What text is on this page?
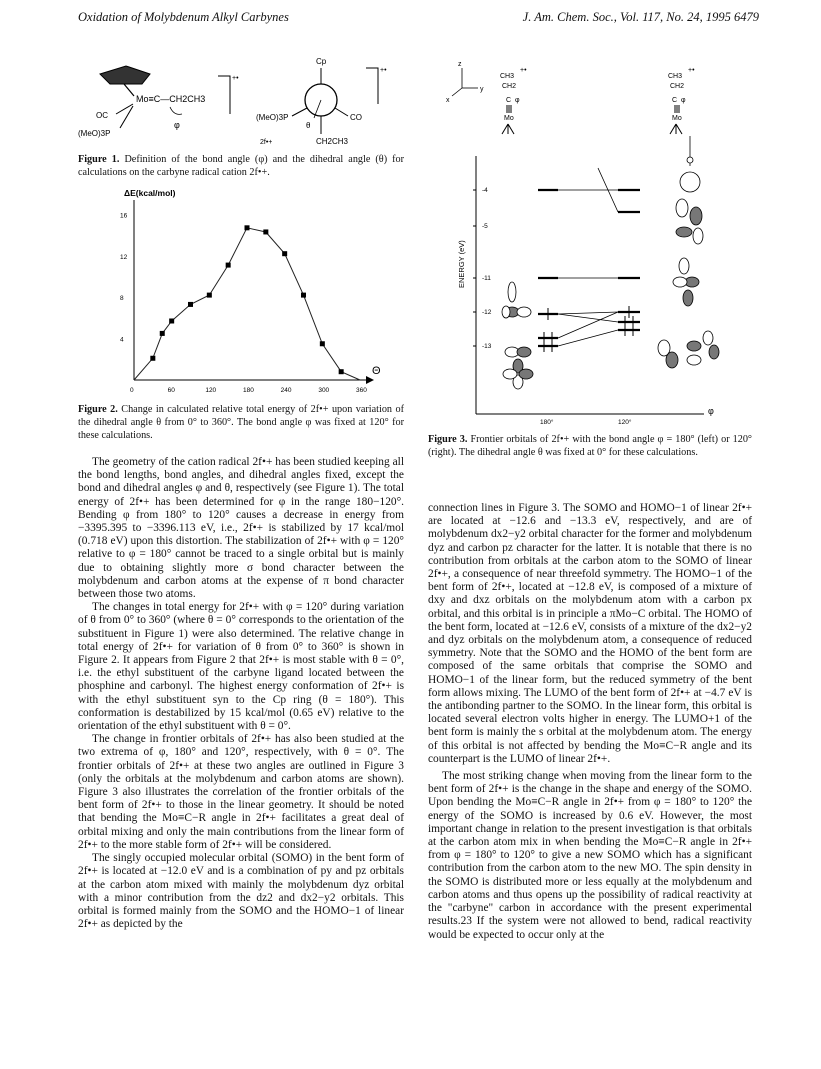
Oxidation of Molybdenum Alkyl Carbynes	J. Am. Chem. Soc., Vol. 117, No. 24, 1995 6479
Mo≡C—CH2CH3
OC
(MeO)3P
φ
+•
Cp
(MeO)3P	CO
θ
CH2CH3
2f•+
+•
Figure 1. Definition of the bond angle (φ) and the dihedral angle (θ) for calculations on the carbyne radical cation 2f•+.
ΔE(kcal/mol)
Θ
4
8
12
16
0	60	120	180	240	300	360
Figure 2. Change in calculated relative total energy of 2f•+ upon variation of the dihedral angle θ from 0° to 360°. The bond angle φ was fixed at 120° for these calculations.

The geometry of the cation radical 2f•+ has been studied keeping all the bond lengths, bond angles, and dihedral angles fixed, except the bond and dihedral angles φ and θ, respectively (see Figure 1). The total energy of 2f•+ has been determined for φ in the range 180−120°. Bending φ from 180° to 120° causes a decrease in energy from −3395.395 to −3396.113 eV, i.e., 2f•+ is stabilized by 17 kcal/mol (0.718 eV) upon this distortion. The stabilization of 2f•+ with φ = 120° relative to φ = 180° cannot be traced to a single orbital but is mainly due to obtaining slightly more σ bond character between the molybdenum and carbon atoms at the expense of π bond character between those two atoms.

The changes in total energy for 2f•+ with φ = 120° during variation of θ from 0° to 360° (where θ = 0° corresponds to the orientation of the substituent in Figure 1) were also determined. The relative change in total energy of 2f•+ for variation of θ from 0° to 360° is shown in Figure 2. It appears from Figure 2 that 2f•+ is most stable with θ = 0°, i.e. the ethyl substituent of the carbyne ligand located between the phosphine and carbonyl. The highest energy conformation of 2f•+ is with the ethyl substituent syn to the Cp ring (θ = 180°). This conformation is destabilized by 15 kcal/mol (0.65 eV) relative to the orientation of the ethyl substituent with θ = 0°.

The change in frontier orbitals of 2f•+ has also been studied at the two extrema of φ, 180° and 120°, respectively, with θ = 0°. The frontier orbitals of 2f•+ at these two angles are outlined in Figure 3 (only the orbitals at the molybdenum and carbon atoms are shown). Figure 3 also illustrates the correlation of the frontier orbitals of the bent form of 2f•+ to those in the linear geometry. It should be noted that bending the Mo≡C−R angle in 2f•+ facilitates a great deal of orbital mixing and only the main contributions from the linear form of 2f•+ to the more stable form of 2f•+ will be considered.

The singly occupied molecular orbital (SOMO) in the bent form of 2f•+ is located at −12.0 eV and is a combination of py and pz orbitals at the carbon atom mixed with mainly the molybdenum dyz orbital with a minor contribution from the dz2 and dx2−y2 orbitals. This orbital is formed mainly from the SOMO and the HOMO−1 of linear 2f•+ as depicted by the

z
y
x
CH3
CH2
C φ
Mo
+•
CH3
CH2
C φ
Mo
+•
φ
ENERGY (eV)
-4
-5
-11
-12
-13
180°	120°
Figure 3. Frontier orbitals of 2f•+ with the bond angle φ = 180° (left) or 120° (right). The dihedral angle θ was fixed at 0° for these calculations.

connection lines in Figure 3. The SOMO and HOMO−1 of linear 2f•+ are located at −12.6 and −13.3 eV, respectively, and are of molybdenum dx2−y2 orbital character for the former and molybdenum dyz and carbon pz character for the latter. It is notable that there is no contribution from orbitals at the carbon atom to the SOMO of linear 2f•+, a consequence of near threefold symmetry. The HOMO−1 of the bent form of 2f•+, located at −12.8 eV, is composed of a mixture of dxy and dxz orbitals on the molybdenum atom with a carbon px orbital, and this orbital is in principle a πMo−C orbital. The HOMO of the bent form, located at −12.6 eV, consists of a mixture of the dx2−y2 and dyz orbitals on the molybdenum atom, a consequence of reduced symmetry. Note that the SOMO and the HOMO of the bent form are composed of the same orbitals that comprise the SOMO and HOMO−1 of the linear form, but the reduced symmetry of the bent form allows mixing. The LUMO of the bent form of 2f•+ at −4.7 eV is the antibonding partner to the SOMO. In the linear form, this orbital is located several electron volts higher in energy. The LUMO+1 of the bent form is mainly the s orbital at the molybdenum atom. The energy of this orbital is not affected by bending the Mo≡C−R angle and its counterpart is the LUMO of linear 2f•+.

The most striking change when moving from the linear form to the bent form of 2f•+ is the change in the shape and energy of the SOMO. Upon bending the Mo≡C−R angle in 2f•+ from φ = 180° to 120° the energy of the SOMO is increased by 0.6 eV. However, the most important change in relation to the present investigation is that orbitals at the carbon atom mix in when bending the Mo≡C−R angle in 2f•+ from φ = 180° to 120° to give a new SOMO which has a significant contribution from the carbon atom to the new MO. The spin density in the SOMO is distributed more or less equally at the molybdenum and carbon atoms and thus opens up the possibility of radical reactivity at the "carbyne" carbon in accordance with the present experimental results.23 If the system were not allowed to bend, radical reactivity would be expected to occur only at the
